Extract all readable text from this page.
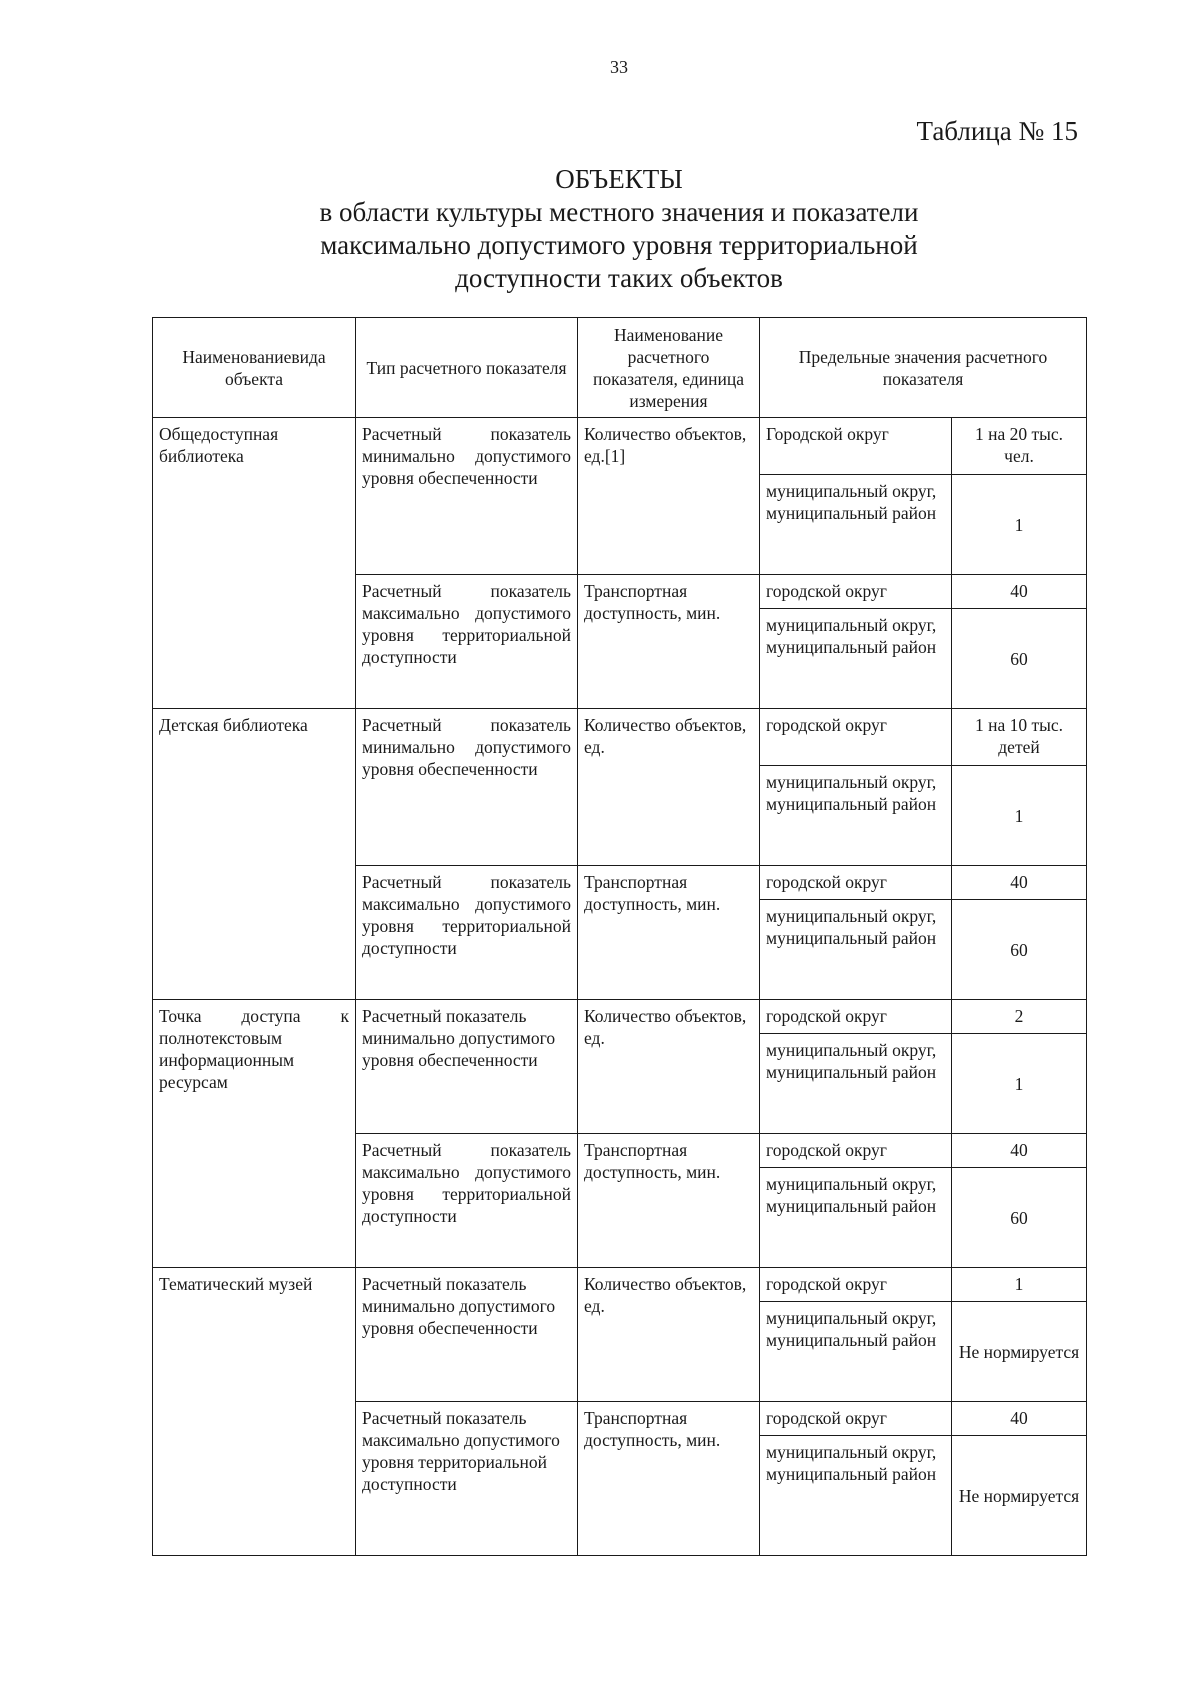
33
Таблица № 15
ОБЪЕКТЫ
в области культуры местного значения и показатели
максимально допустимого уровня территориальной
доступности таких объектов
Наименованиевида объекта	Тип расчетного показателя	Наименование расчетного показателя, единица измерения	Предельные значения расчетного показателя	
Общедоступная библиотека	Расчетный показатель минимально допустимого уровня обеспеченности	Количество объектов, ед.[1]	Городской округ	1 на 20 тыс. чел.
			муниципальный округ, муниципальный район	1
	Расчетный показатель максимально допустимого уровня территориальной доступности	Транспортная доступность, мин.	городской округ	40
			муниципальный округ, муниципальный район	60
Детская библиотека	Расчетный показатель минимально допустимого уровня обеспеченности	Количество объектов, ед.	городской округ	1 на 10 тыс. детей
			муниципальный округ, муниципальный район	1
	Расчетный показатель максимально допустимого уровня территориальной доступности	Транспортная доступность, мин.	городской округ	40
			муниципальный округ, муниципальный район	60
Точка доступа к полнотекстовым информационным ресурсам	Расчетный показатель минимально допустимого уровня обеспеченности	Количество объектов, ед.	городской округ	2
			муниципальный округ, муниципальный район	1
	Расчетный показатель максимально допустимого уровня территориальной доступности	Транспортная доступность, мин.	городской округ	40
			муниципальный округ, муниципальный район	60
Тематический музей	Расчетный показатель минимально допустимого уровня обеспеченности	Количество объектов, ед.	городской округ	1
			муниципальный округ, муниципальный район	Не нормируется
	Расчетный показатель максимально допустимого уровня территориальной доступности	Транспортная доступность, мин.	городской округ	40
			муниципальный округ, муниципальный район	Не нормируется
